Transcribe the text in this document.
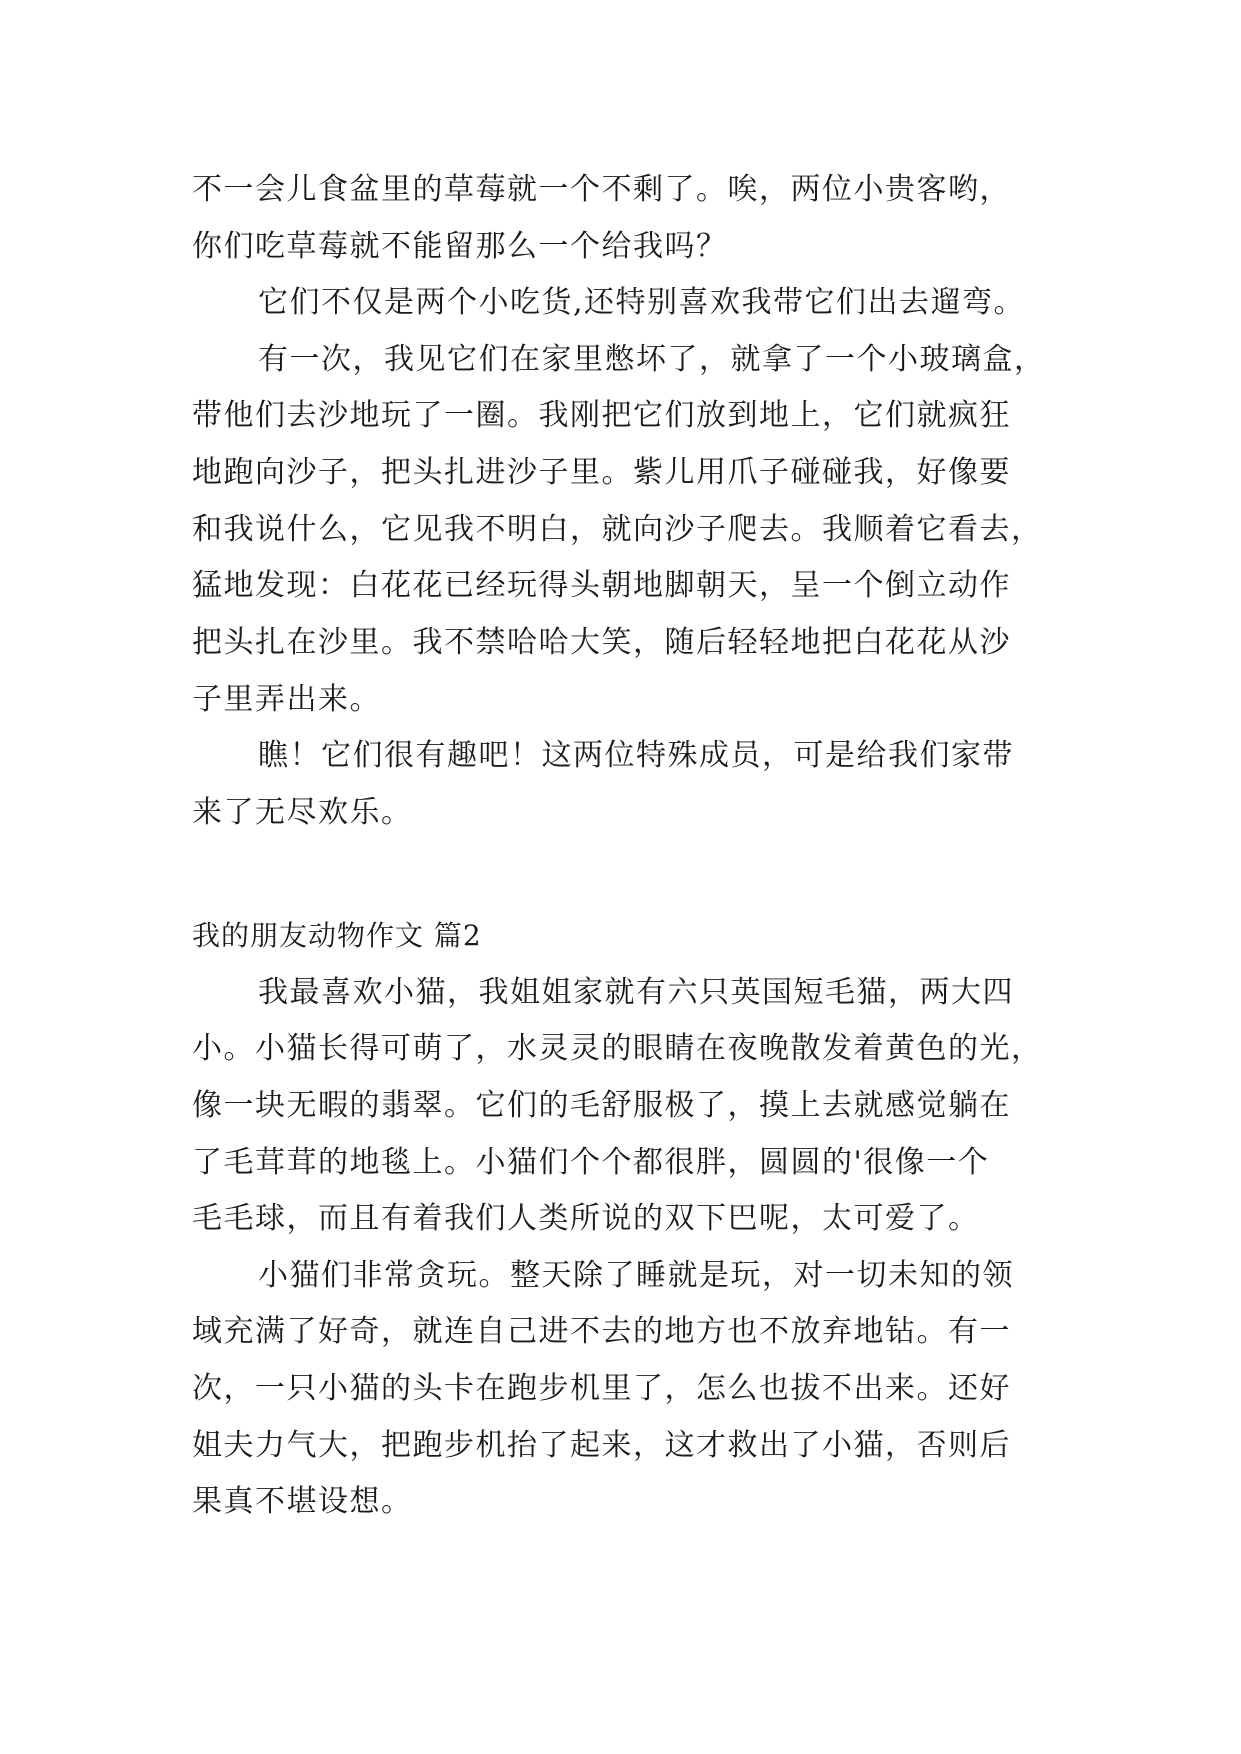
不一会儿食盆里的草莓就一个不剩了。唉，两位小贵客哟，
你们吃草莓就不能留那么一个给我吗？
它们不仅是两个小吃货,还特别喜欢我带它们出去遛弯。
有一次，我见它们在家里憋坏了，就拿了一个小玻璃盒，
带他们去沙地玩了一圈。我刚把它们放到地上，它们就疯狂
地跑向沙子，把头扎进沙子里。紫儿用爪子碰碰我，好像要
和我说什么，它见我不明白，就向沙子爬去。我顺着它看去，
猛地发现：白花花已经玩得头朝地脚朝天，呈一个倒立动作
把头扎在沙里。我不禁哈哈大笑，随后轻轻地把白花花从沙
子里弄出来。
瞧！它们很有趣吧！这两位特殊成员，可是给我们家带
来了无尽欢乐。
我的朋友动物作文 篇2
我最喜欢小猫，我姐姐家就有六只英国短毛猫，两大四
小。小猫长得可萌了，水灵灵的眼睛在夜晚散发着黄色的光，
像一块无暇的翡翠。它们的毛舒服极了，摸上去就感觉躺在
了毛茸茸的地毯上。小猫们个个都很胖，圆圆的'很像一个
毛毛球，而且有着我们人类所说的双下巴呢，太可爱了。
小猫们非常贪玩。整天除了睡就是玩，对一切未知的领
域充满了好奇，就连自己进不去的地方也不放弃地钻。有一
次，一只小猫的头卡在跑步机里了，怎么也拔不出来。还好
姐夫力气大，把跑步机抬了起来，这才救出了小猫，否则后
果真不堪设想。
